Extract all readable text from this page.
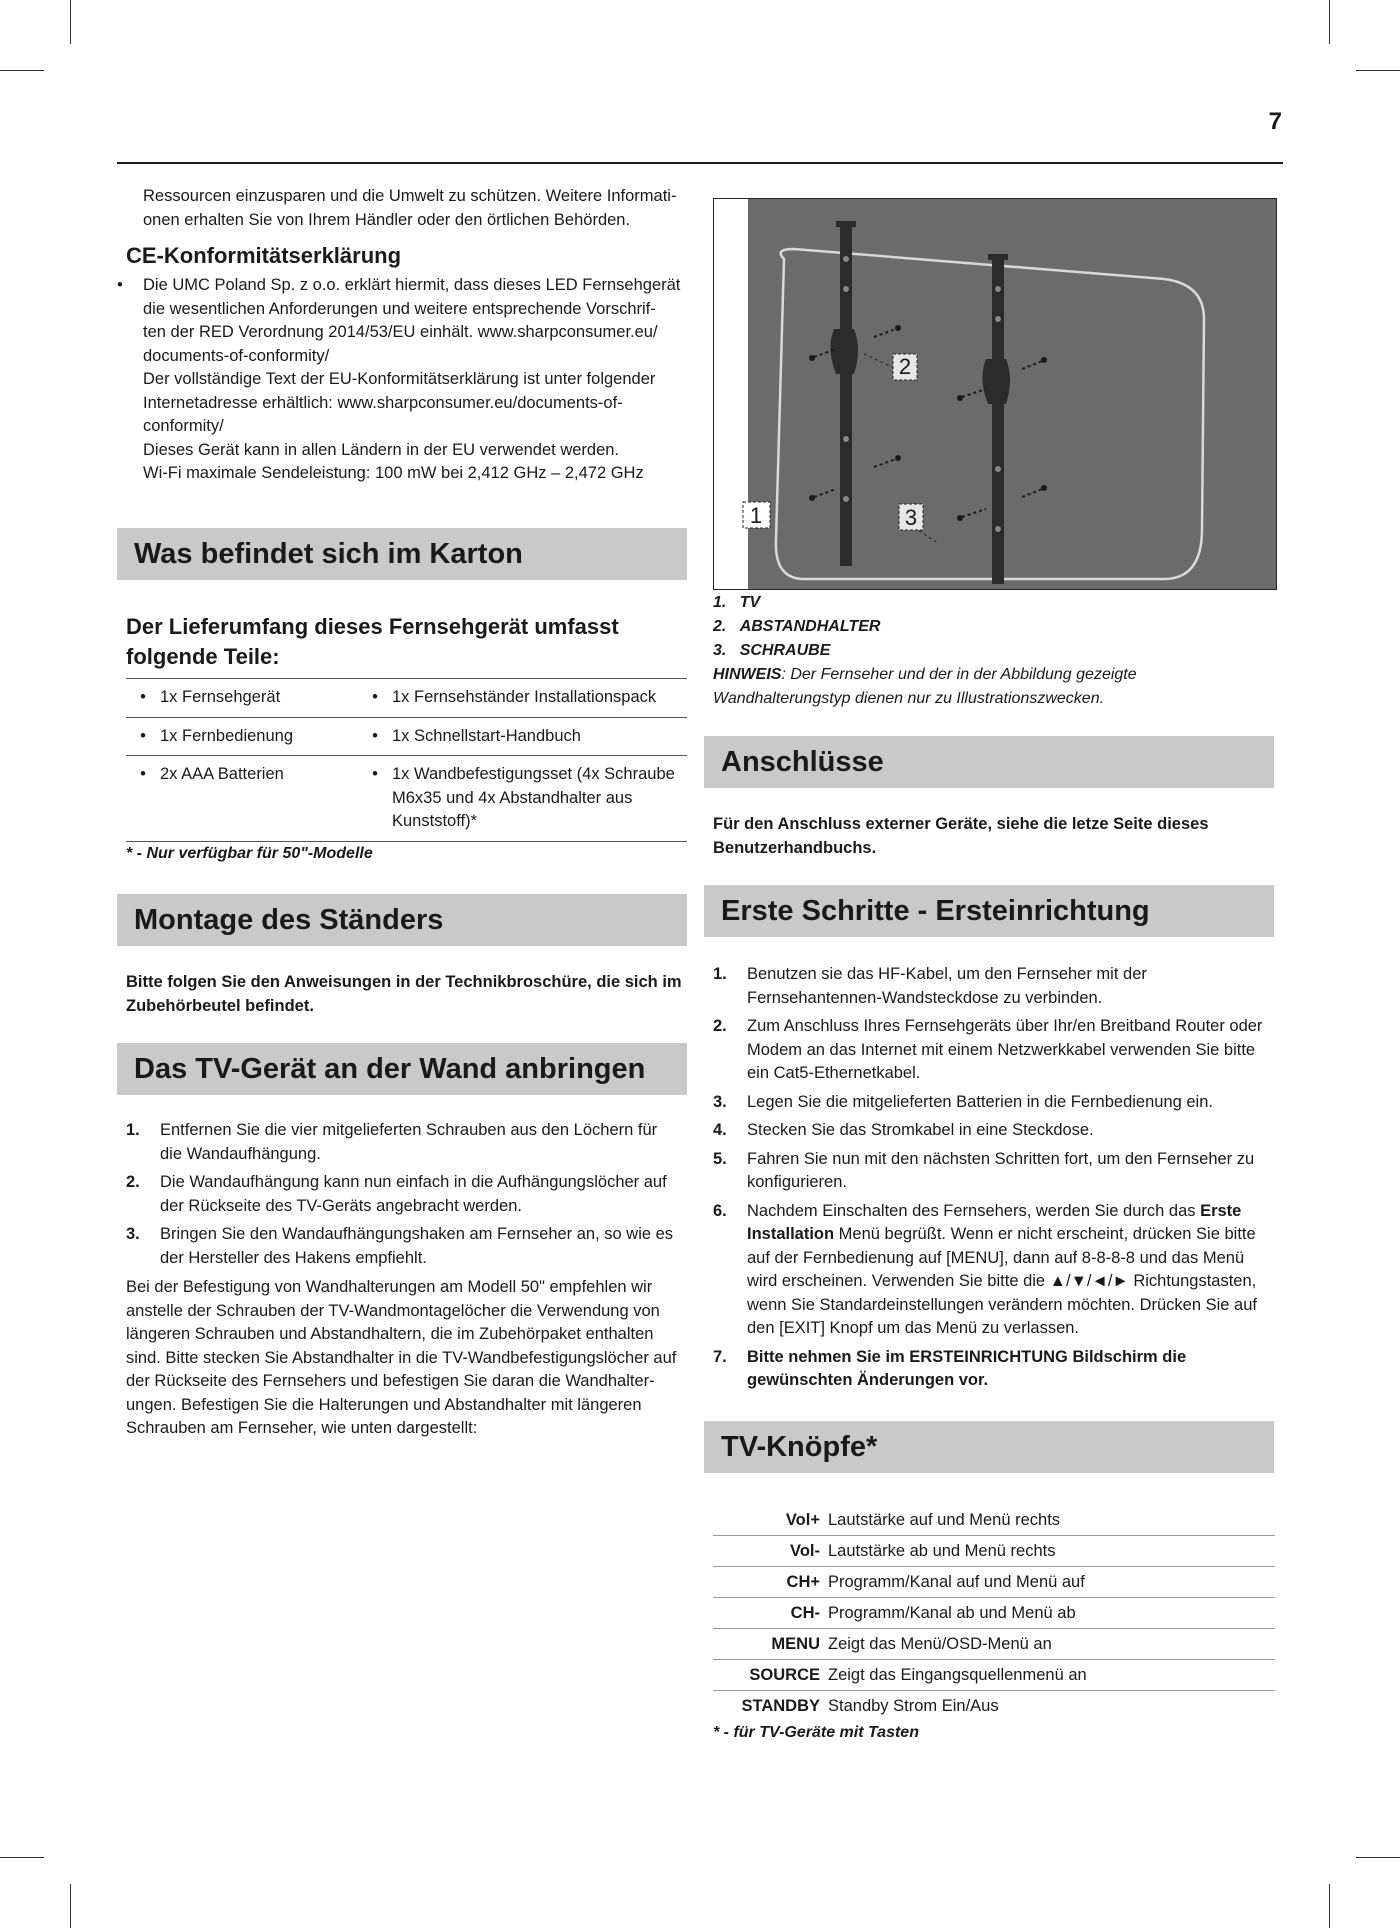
7
Ressourcen einzusparen und die Umwelt zu schützen. Weitere Informati-
onen erhalten Sie von Ihrem Händler oder den örtlichen Behörden.
CE-Konformitätserklärung
• Die UMC Poland Sp. z o.o. erklärt hiermit, dass dieses LED Fernsehgerät
die wesentlichen Anforderungen und weitere entsprechende Vorschrif-
ten der RED Verordnung 2014/53/EU einhält. www.sharpconsumer.eu/
documents-of-conformity/
Der vollständige Text der EU-Konformitätserklärung ist unter folgender
Internetadresse erhältlich: www.sharpconsumer.eu/documents-of-
conformity/
Dieses Gerät kann in allen Ländern in der EU verwendet werden.
Wi-Fi maximale Sendeleistung: 100 mW bei 2,412 GHz – 2,472 GHz
Was befindet sich im Karton
Der Lieferumfang dieses Fernsehgerät umfasst
folgende Teile:
•	1x Fernsehgerät	•	1x Fernsehständer Installationspack
•	1x Fernbedienung	•	1x Schnellstart-Handbuch
•	2x AAA Batterien	•	1x Wandbefestigungsset (4x Schraube
M6x35 und 4x Abstandhalter aus
Kunststoff)*
* - Nur verfügbar für 50"-Modelle
Montage des Ständers
Bitte folgen Sie den Anweisungen in der Technikbroschüre, die sich im
Zubehörbeutel befindet.
Das TV-Gerät an der Wand anbringen
1. Entfernen Sie die vier mitgelieferten Schrauben aus den Löchern für
die Wandaufhängung.
2. Die Wandaufhängung kann nun einfach in die Aufhängungslöcher auf
der Rückseite des TV-Geräts angebracht werden.
3. Bringen Sie den Wandaufhängungshaken am Fernseher an, so wie es
der Hersteller des Hakens empfiehlt.
Bei der Befestigung von Wandhalterungen am Modell 50" empfehlen wir
anstelle der Schrauben der TV-Wandmontagelöcher die Verwendung von
längeren Schrauben und Abstandhaltern, die im Zubehörpaket enthalten
sind. Bitte stecken Sie Abstandhalter in die TV-Wandbefestigungslöcher auf
der Rückseite des Fernsehers und befestigen Sie daran die Wandhalter-
ungen. Befestigen Sie die Halterungen und Abstandhalter mit längeren
Schrauben am Fernseher, wie unten dargestellt:
2
1	3
1. TV
2. ABSTANDHALTER
3. SCHRAUBE
HINWEIS: Der Fernseher und der in der Abbildung gezeigte
Wandhalterungstyp dienen nur zu Illustrationszwecken.
Anschlüsse
Für den Anschluss externer Geräte, siehe die letze Seite dieses
Benutzerhandbuchs.
Erste Schritte - Ersteinrichtung
1. Benutzen sie das HF-Kabel, um den Fernseher mit der
Fernsehantennen-Wandsteckdose zu verbinden.
2. Zum Anschluss Ihres Fernsehgeräts über Ihr/en Breitband Router oder
Modem an das Internet mit einem Netzwerkkabel verwenden Sie bitte
ein Cat5-Ethernetkabel.
3. Legen Sie die mitgelieferten Batterien in die Fernbedienung ein.
4. Stecken Sie das Stromkabel in eine Steckdose.
5. Fahren Sie nun mit den nächsten Schritten fort, um den Fernseher zu
konfigurieren.
6. Nachdem Einschalten des Fernsehers, werden Sie durch das Erste
Installation Menü begrüßt. Wenn er nicht erscheint, drücken Sie bitte
auf der Fernbedienung auf [MENU], dann auf 8-8-8-8 und das Menü
wird erscheinen. Verwenden Sie bitte die ▲/▼/◄/► Richtungstasten,
wenn Sie Standardeinstellungen verändern möchten. Drücken Sie auf
den [EXIT] Knopf um das Menü zu verlassen.
7. Bitte nehmen Sie im ERSTEINRICHTUNG Bildschirm die
gewünschten Änderungen vor.
TV-Knöpfe*
Vol+	Lautstärke auf und Menü rechts
Vol-	Lautstärke ab und Menü rechts
CH+	Programm/Kanal auf und Menü auf
CH-	Programm/Kanal ab und Menü ab
MENU	Zeigt das Menü/OSD-Menü an
SOURCE	Zeigt das Eingangsquellenmenü an
STANDBY	Standby Strom Ein/Aus
* - für TV-Geräte mit Tasten
